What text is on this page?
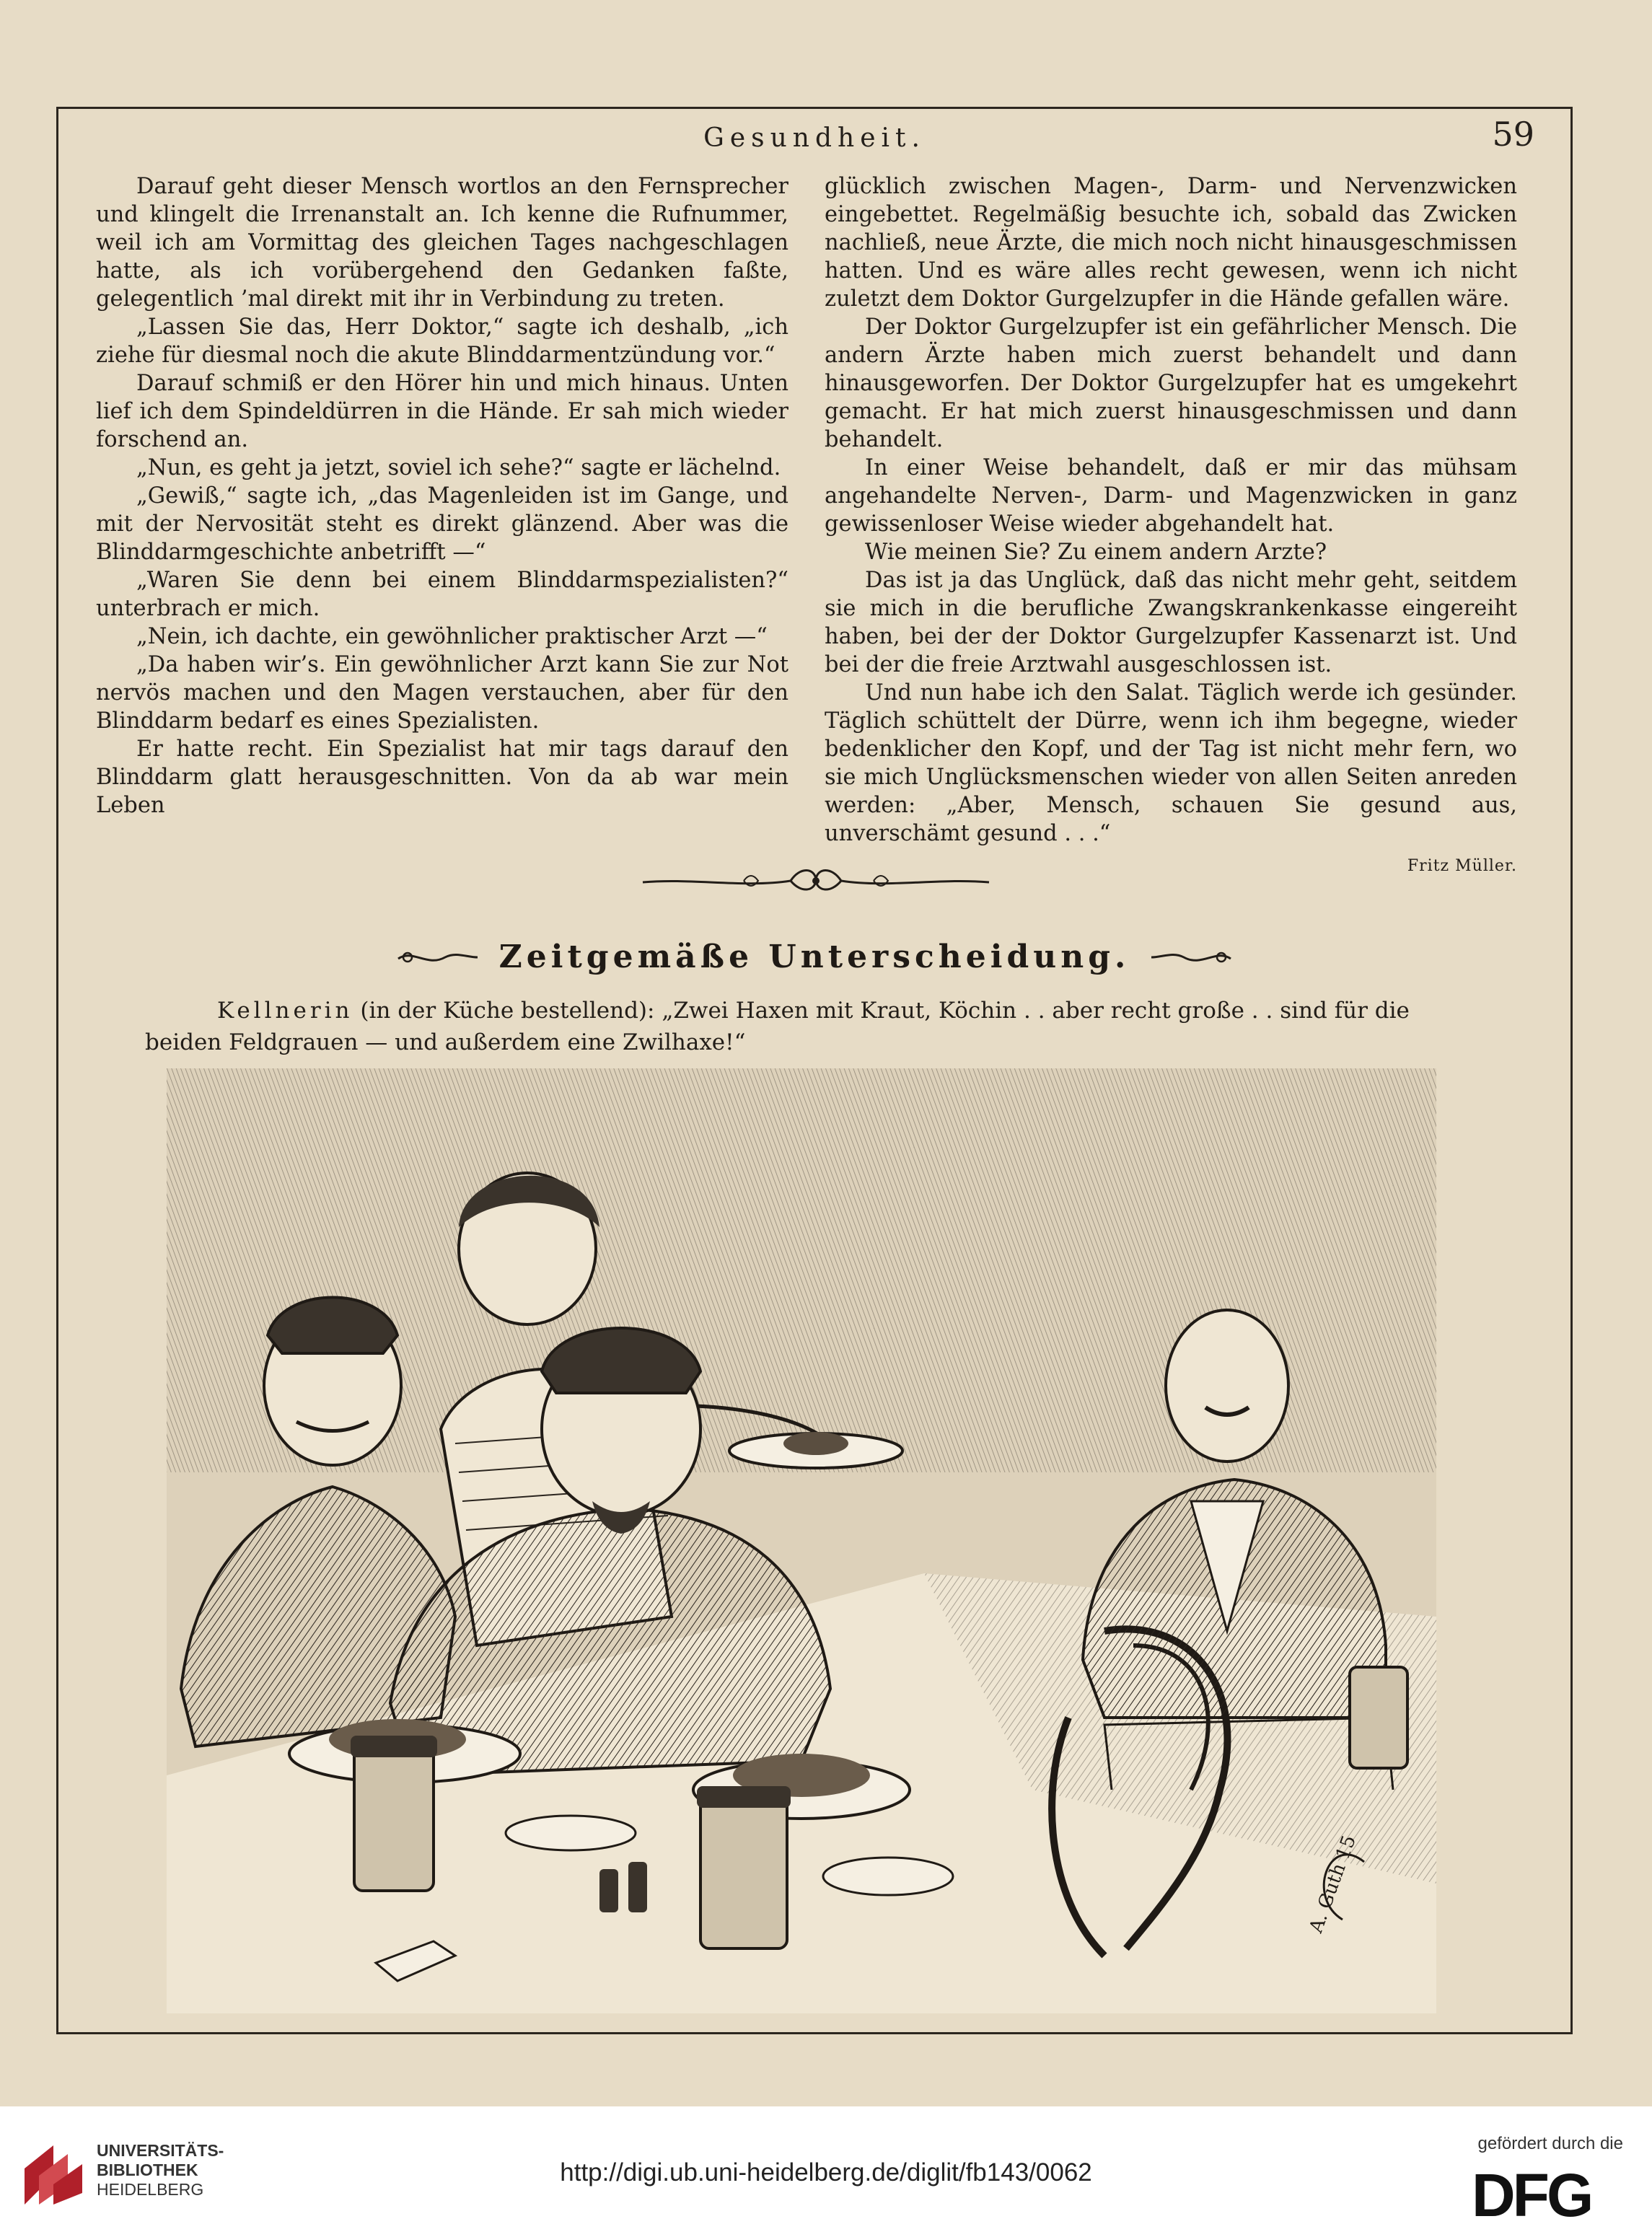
Gesundheit.	59

Darauf geht dieser Mensch wortlos an den Fernsprecher und klingelt die Irrenanstalt an. Ich kenne die Rufnummer, weil ich am Vormittag des gleichen Tages nachgeschlagen hatte, als ich vorübergehend den Gedanken faßte, gelegentlich ’mal direkt mit ihr in Verbindung zu treten.

„Lassen Sie das, Herr Doktor,“ sagte ich deshalb, „ich ziehe für diesmal noch die akute Blinddarmentzündung vor.“

Darauf schmiß er den Hörer hin und mich hinaus. Unten lief ich dem Spindeldürren in die Hände. Er sah mich wieder forschend an.

„Nun, es geht ja jetzt, soviel ich sehe?“ sagte er lächelnd.

„Gewiß,“ sagte ich, „das Magenleiden ist im Gange, und mit der Nervosität steht es direkt glänzend. Aber was die Blinddarmgeschichte anbetrifft —“

„Waren Sie denn bei einem Blinddarmspezialisten?“ unterbrach er mich.

„Nein, ich dachte, ein gewöhnlicher praktischer Arzt —“

„Da haben wir’s. Ein gewöhnlicher Arzt kann Sie zur Not nervös machen und den Magen verstauchen, aber für den Blinddarm bedarf es eines Spezialisten.

Er hatte recht. Ein Spezialist hat mir tags darauf den Blinddarm glatt herausgeschnitten. Von da ab war mein Leben

glücklich zwischen Magen-, Darm- und Nervenzwicken eingebettet. Regelmäßig besuchte ich, sobald das Zwicken nachließ, neue Ärzte, die mich noch nicht hinausgeschmissen hatten. Und es wäre alles recht gewesen, wenn ich nicht zuletzt dem Doktor Gurgelzupfer in die Hände gefallen wäre.

Der Doktor Gurgelzupfer ist ein gefährlicher Mensch. Die andern Ärzte haben mich zuerst behandelt und dann hinausgeworfen. Der Doktor Gurgelzupfer hat es umgekehrt gemacht. Er hat mich zuerst hinausgeschmissen und dann behandelt.

In einer Weise behandelt, daß er mir das mühsam angehandelte Nerven-, Darm- und Magenzwicken in ganz gewissenloser Weise wieder abgehandelt hat.

Wie meinen Sie? Zu einem andern Arzte?

Das ist ja das Unglück, daß das nicht mehr geht, seitdem sie mich in die berufliche Zwangskrankenkasse eingereiht haben, bei der der Doktor Gurgelzupfer Kassenarzt ist. Und bei der die freie Arztwahl ausgeschlossen ist.

Und nun habe ich den Salat. Täglich werde ich gesünder. Täglich schüttelt der Dürre, wenn ich ihm begegne, wieder bedenklicher den Kopf, und der Tag ist nicht mehr fern, wo sie mich Unglücksmenschen wieder von allen Seiten anreden werden: „Aber, Mensch, schauen Sie gesund aus, unverschämt gesund . . .“

Fritz Müller.

Zeitgemäße Unterscheidung.
Kellnerin (in der Küche bestellend): „Zwei Haxen mit Kraut, Köchin . . aber recht große . . sind für die beiden Feldgrauen — und außerdem eine Zwilhaxe!“
A. Guth 15
UNIVERSITÄTS-
BIBLIOTHEK
HEIDELBERG
http://digi.ub.uni-heidelberg.de/diglit/fb143/0062
gefördert durch die
DFG
